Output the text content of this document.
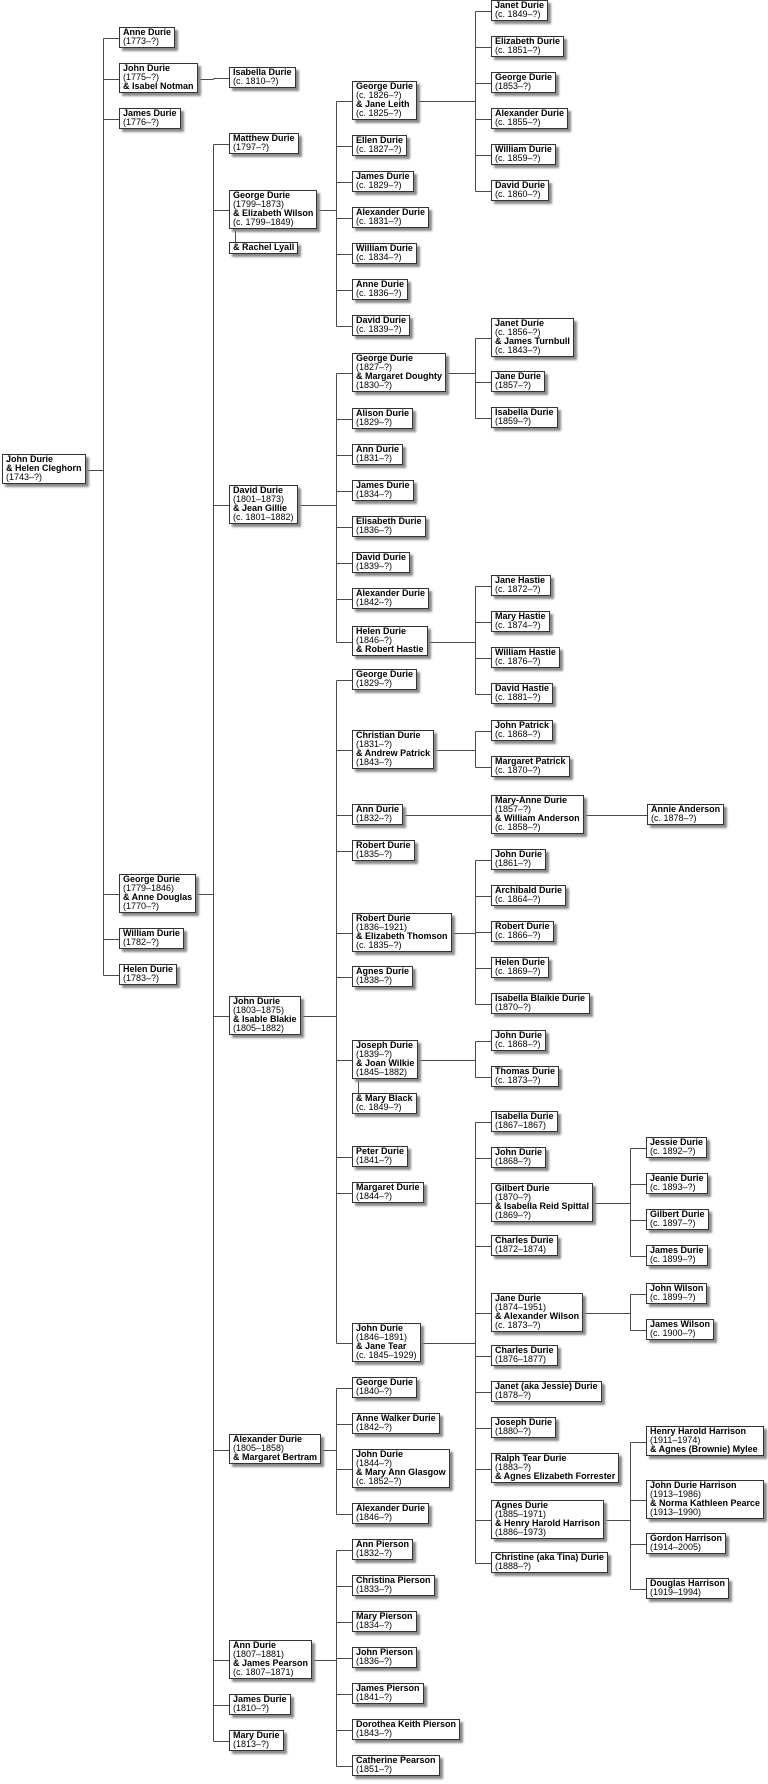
John Durie
& Helen Cleghorn
(1743–?)
Anne Durie
(1773–?)
John Durie
(1775–?)
& Isabel Notman
Isabella Durie
(c. 1810–?)
James Durie
(1776–?)
George Durie
(1779–1846)
& Anne Douglas
(1770–?)
William Durie
(1782–?)
Helen Durie
(1783–?)
Matthew Durie
(1797–?)
George Durie
(1799–1873)
& Elizabeth Wilson
(c. 1799–1849)
& Rachel Lyall
George Durie
(c. 1826–?)
& Jane Leith
(c. 1825–?)
Janet Durie
(c. 1849–?)
Elizabeth Durie
(c. 1851–?)
George Durie
(1853–?)
Alexander Durie
(c. 1855–?)
William Durie
(c. 1859–?)
David Durie
(c. 1860–?)
Ellen Durie
(c. 1827–?)
James Durie
(c. 1829–?)
Alexander Durie
(c. 1831–?)
William Durie
(c. 1834–?)
Anne Durie
(c. 1836–?)
David Durie
(c. 1839–?)
David Durie
(1801–1873)
& Jean Gillie
(c. 1801–1882)
George Durie
(1827–?)
& Margaret Doughty
(1830–?)
Janet Durie
(c. 1856–?)
& James Turnbull
(c. 1843–?)
Jane Durie
(1857–?)
Isabella Durie
(1859–?)
Alison Durie
(1829–?)
Ann Durie
(1831–?)
James Durie
(1834–?)
Elisabeth Durie
(1836–?)
David Durie
(1839–?)
Alexander Durie
(1842–?)
Helen Durie
(1846–?)
& Robert Hastie
Jane Hastie
(c. 1872–?)
Mary Hastie
(c. 1874–?)
William Hastie
(c. 1876–?)
David Hastie
(c. 1881–?)
George Durie
(1829–?)
Christian Durie
(1831–?)
& Andrew Patrick
(1843–?)
John Patrick
(c. 1868–?)
Margaret Patrick
(c. 1870–?)
Ann Durie
(1832–?)
Mary-Anne Durie
(1857–?)
& William Anderson
(c. 1858–?)
Annie Anderson
(c. 1878–?)
Robert Durie
(1835–?)
Robert Durie
(1836–1921)
& Elizabeth Thomson
(c. 1835–?)
John Durie
(1861–?)
Archibald Durie
(c. 1864–?)
Robert Durie
(c. 1866–?)
Helen Durie
(c. 1869–?)
Isabella Blaikie Durie
(1870–?)
Agnes Durie
(1838–?)
John Durie
(1803–1875)
& Isable Blakie
(1805–1882)
Joseph Durie
(1839–?)
& Joan Wilkie
(1845–1882)
John Durie
(c. 1868–?)
Thomas Durie
(c. 1873–?)
& Mary Black
(c. 1849–?)
Peter Durie
(1841–?)
Margaret Durie
(1844–?)
Isabella Durie
(1867–1867)
John Durie
(1868–?)
Gilbert Durie
(1870–?)
& Isabella Reid Spittal
(1869–?)
Jessie Durie
(c. 1892–?)
Jeanie Durie
(c. 1893–?)
Gilbert Durie
(c. 1897–?)
James Durie
(c. 1899–?)
Charles Durie
(1872–1874)
Jane Durie
(1874–1951)
& Alexander Wilson
(c. 1873–?)
John Wilson
(c. 1899–?)
James Wilson
(c. 1900–?)
John Durie
(1846–1891)
& Jane Tear
(c. 1845–1929)	Charles Durie
(1876–1877)
Janet (aka Jessie) Durie
(1878–?)
Joseph Durie
(1880–?)
Ralph Tear Durie
(1883–?)
& Agnes Elizabeth Forrester
Agnes Durie
(1885–1971)
& Henry Harold Harrison
(1886–1973)
Henry Harold Harrison
(1911–1974)
& Agnes (Brownie) Mylee
John Durie Harrison
(1913–1986)
& Norma Kathleen Pearce
(1913–1990)
Gordon Harrison
(1914–2005)
Douglas Harrison
(1919–1994)
Christine (aka Tina) Durie
(1888–?)
Alexander Durie
(1805–1858)
& Margaret Bertram
George Durie
(1840–?)
Anne Walker Durie
(1842–?)
John Durie
(1844–?)
& Mary Ann Glasgow
(c. 1852–?)
Alexander Durie
(1846–?)
Ann Durie
(1807–1881)
& James Pearson
(c. 1807–1871)
Ann Pierson
(1832–?)
Christina Pierson
(1833–?)
Mary Pierson
(1834–?)
John Pierson
(1836–?)
James Pierson
(1841–?)
Dorothea Keith Pierson
(1843–?)
Catherine Pearson
(1851–?)
James Durie
(1810–?)
Mary Durie
(1813–?)
